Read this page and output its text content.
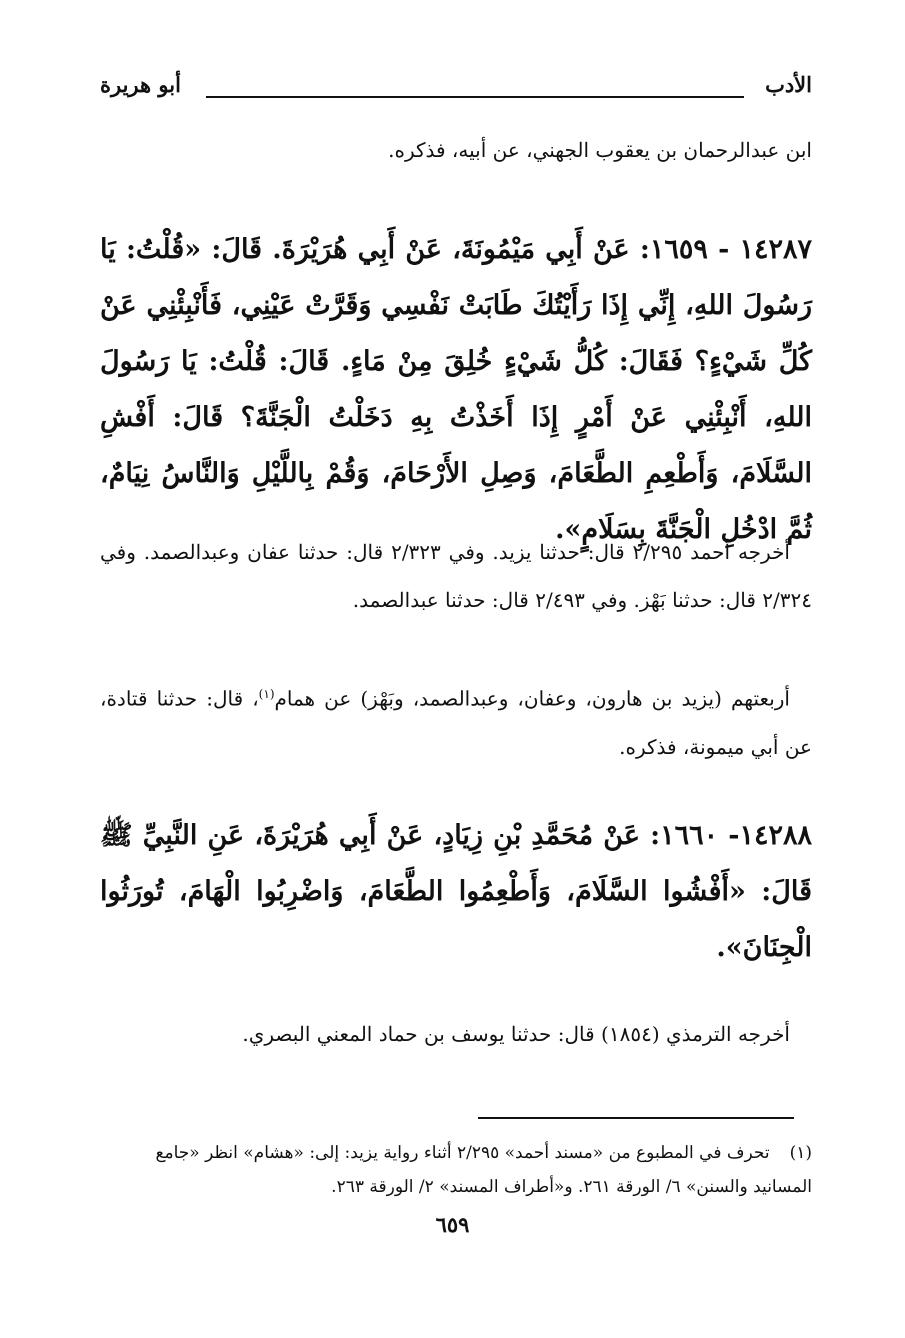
الأدب
أبو هريرة
ابن عبدالرحمان بن يعقوب الجهني، عن أبيه، فذكره.
١٤٢٨٧ - ١٦٥٩: عَنْ أَبِي مَيْمُونَةَ، عَنْ أَبِي هُرَيْرَةَ. قَالَ: «قُلْتُ: يَا رَسُولَ اللهِ، إِنِّي إِذَا رَأَيْتُكَ طَابَتْ نَفْسِي وَقَرَّتْ عَيْنِي، فَأَنْبِئْنِي عَنْ كُلِّ شَيْءٍ؟ فَقَالَ: كُلُّ شَيْءٍ خُلِقَ مِنْ مَاءٍ. قَالَ: قُلْتُ: يَا رَسُولَ اللهِ، أَنْبِئْنِي عَنْ أَمْرٍ إِذَا أَخَذْتُ بِهِ دَخَلْتُ الْجَنَّةَ؟ قَالَ: أَفْشِ السَّلَامَ، وَأَطْعِمِ الطَّعَامَ، وَصِلِ الأَرْحَامَ، وَقُمْ بِاللَّيْلِ وَالنَّاسُ نِيَامٌ، ثُمَّ ادْخُلِ الْجَنَّةَ بِسَلَامٍ».
أخرجه أحمد ٢/٢٩٥ قال: حدثنا يزيد. وفي ٢/٣٢٣ قال: حدثنا عفان وعبدالصمد. وفي ٢/٣٢٤ قال: حدثنا بَهْز. وفي ٢/٤٩٣ قال: حدثنا عبدالصمد.
أربعتهم (يزيد بن هارون، وعفان، وعبدالصمد، وبَهْز) عن همام$^{(١)}$، قال: حدثنا قتادة، عن أبي ميمونة، فذكره.
١٤٢٨٨- ١٦٦٠: عَنْ مُحَمَّدِ بْنِ زِيَادٍ، عَنْ أَبِي هُرَيْرَةَ، عَنِ النَّبِيِّ ﷺ قَالَ: «أَفْشُوا السَّلَامَ، وَأَطْعِمُوا الطَّعَامَ، وَاضْرِبُوا الْهَامَ، تُورَثُوا الْجِنَانَ».
أخرجه الترمذي (١٨٥٤) قال: حدثنا يوسف بن حماد المعني البصري.
(١)تحرف في المطبوع من «مسند أحمد» ٢/٢٩٥ أثناء رواية يزيد: إلى: «هشام» انظر «جامع المسانيد والسنن» ٦/ الورقة ٢٦١. و«أطراف المسند» ٢/ الورقة ٢٦٣.
٦٥٩
